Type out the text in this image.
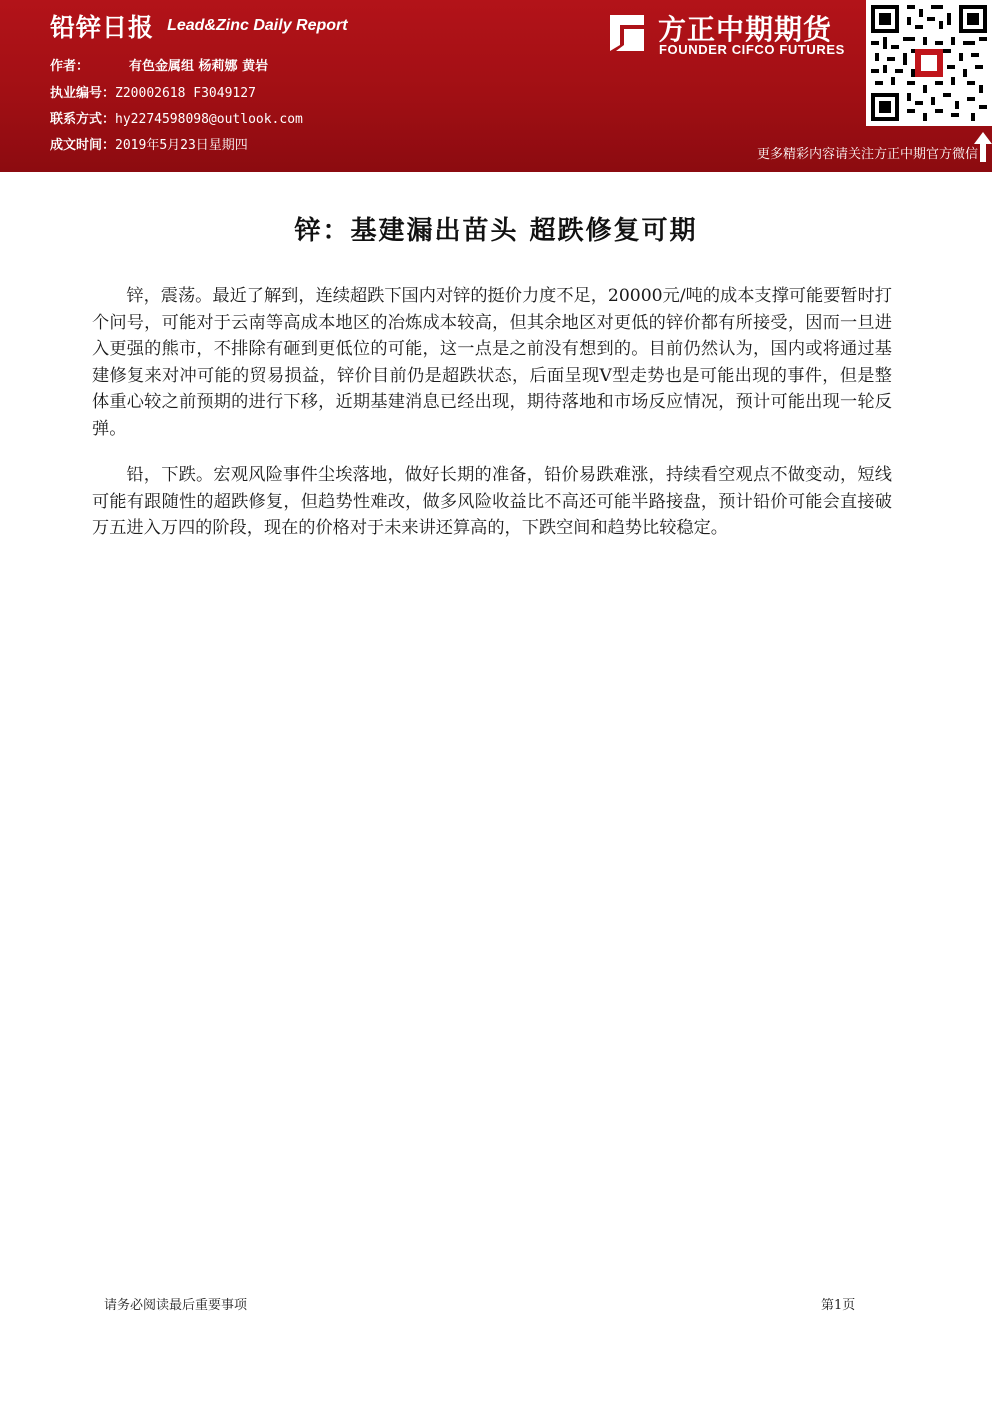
铅锌日报 Lead&Zinc Daily Report
作者：	有色金属组 杨莉娜 黄岩
执业编号：Z20002618 F3049127
联系方式：hy2274598098@outlook.com
成文时间：2019年5月23日星期四
方正中期期货
FOUNDER CIFCO FUTURES
更多精彩内容请关注方正中期官方微信
锌：基建漏出苗头 超跌修复可期

锌，震荡。最近了解到，连续超跌下国内对锌的挺价力度不足，20000元/吨的成本支撑可能要暂时打个问号，可能对于云南等高成本地区的冶炼成本较高，但其余地区对更低的锌价都有所接受，因而一旦进入更强的熊市，不排除有砸到更低位的可能，这一点是之前没有想到的。目前仍然认为，国内或将通过基建修复来对冲可能的贸易损益，锌价目前仍是超跌状态，后面呈现V型走势也是可能出现的事件，但是整体重心较之前预期的进行下移，近期基建消息已经出现，期待落地和市场反应情况，预计可能出现一轮反弹。

铅，下跌。宏观风险事件尘埃落地，做好长期的准备，铅价易跌难涨，持续看空观点不做变动，短线可能有跟随性的超跌修复，但趋势性难改，做多风险收益比不高还可能半路接盘，预计铅价可能会直接破万五进入万四的阶段，现在的价格对于未来讲还算高的，下跌空间和趋势比较稳定。

请务必阅读最后重要事项	第1页
